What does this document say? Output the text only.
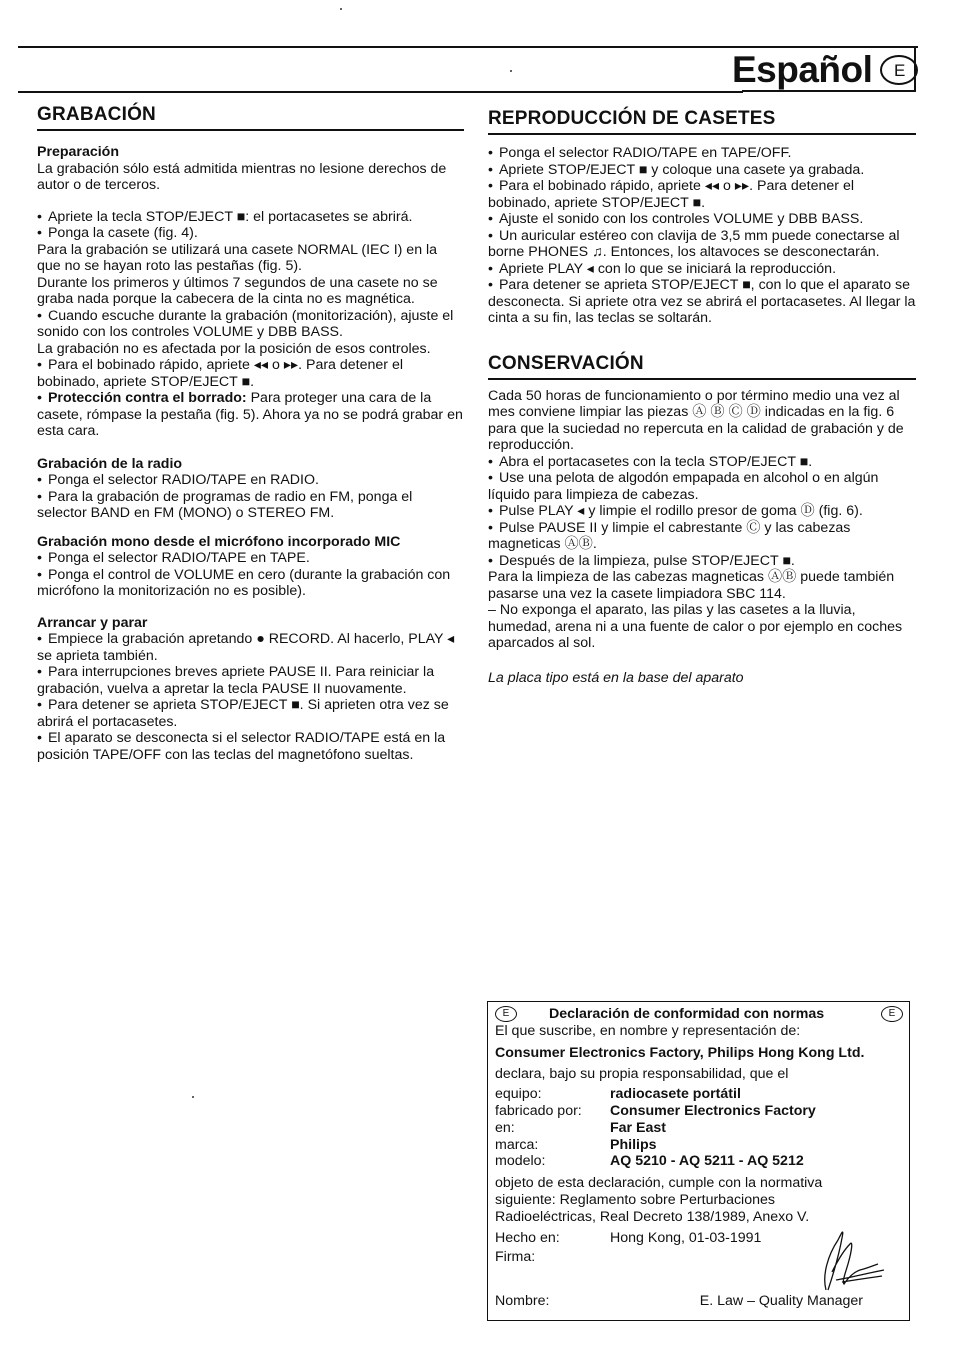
Español	E
GRABACIÓN
Preparación

La grabación sólo está admitida mientras no lesione derechos de autor o de terceros.

• Apriete la tecla STOP/EJECT ■: el portacasetes se abrirá.

• Ponga la casete (fig. 4).

Para la grabación se utilizará una casete NORMAL (IEC I) en la que no se hayan roto las pestañas (fig. 5).

Durante los primeros y últimos 7 segundos de una casete no se graba nada porque la cabecera de la cinta no es magnética.

• Cuando escuche durante la grabación (monitorización), ajuste el sonido con los controles VOLUME y DBB BASS.

La grabación no es afectada por la posición de esos controles.

• Para el bobinado rápido, apriete ◂◂ o ▸▸. Para detener el bobinado, apriete STOP/EJECT ■.

• Protección contra el borrado: Para proteger una cara de la casete, rómpase la pestaña (fig. 5). Ahora ya no se podrá grabar en esta cara.

Grabación de la radio

• Ponga el selector RADIO/TAPE en RADIO.

• Para la grabación de programas de radio en FM, ponga el selector BAND en FM (MONO) o STEREO FM.

Grabación mono desde el micrófono incorporado MIC

• Ponga el selector RADIO/TAPE en TAPE.

• Ponga el control de VOLUME en cero (durante la grabación con micrófono la monitorización no es posible).

Arrancar y parar

• Empiece la grabación apretando ● RECORD. Al hacerlo, PLAY ◂ se aprieta también.

• Para interrupciones breves apriete PAUSE II. Para reiniciar la grabación, vuelva a apretar la tecla PAUSE II nuovamente.

• Para detener se aprieta STOP/EJECT ■. Si aprieten otra vez se abrirá el portacasetes.

• El aparato se desconecta si el selector RADIO/TAPE está en la posición TAPE/OFF con las teclas del magnetófono sueltas.

REPRODUCCIÓN DE CASETES

• Ponga el selector RADIO/TAPE en TAPE/OFF.

• Apriete STOP/EJECT ■ y coloque una casete ya grabada.

• Para el bobinado rápido, apriete ◂◂ o ▸▸. Para detener el bobinado, apriete STOP/EJECT ■.

• Ajuste el sonido con los controles VOLUME y DBB BASS.

• Un auricular estéreo con clavija de 3,5 mm puede conectarse al borne PHONES ♫. Entonces, los altavoces se desconectarán.

• Apriete PLAY ◂ con lo que se iniciará la reproducción.

• Para detener se aprieta STOP/EJECT ■, con lo que el aparato se desconecta. Si apriete otra vez se abrirá el portacasetes. Al llegar la cinta a su fin, las teclas se soltarán.

CONSERVACIÓN

Cada 50 horas de funcionamiento o por término medio una vez al mes conviene limpiar las piezas Ⓐ Ⓑ Ⓒ Ⓓ indicadas en la fig. 6 para que la suciedad no repercuta en la calidad de grabación y de reproducción.

• Abra el portacasetes con la tecla STOP/EJECT ■.

• Use una pelota de algodón empapada en alcohol o en algún líquido para limpieza de cabezas.

• Pulse PLAY ◂ y limpie el rodillo presor de goma Ⓓ (fig. 6).

• Pulse PAUSE II y limpie el cabrestante Ⓒ y las cabezas magneticas ⒶⒷ.

• Después de la limpieza, pulse STOP/EJECT ■.

Para la limpieza de las cabezas magneticas ⒶⒷ puede también pasarse una vez la casete limpiadora SBC 114.

– No exponga el aparato, las pilas y las casetes a la lluvia, humedad, arena ni a una fuente de calor o por ejemplo en coches aparcados al sol.

La placa tipo está en la base del aparato

E	Declaración de conformidad con normas	E
El que suscribe, en nombre y representación de:
Consumer Electronics Factory, Philips Hong Kong Ltd.
declara, bajo su propia responsabilidad, que el
equipo:	radiocasete portátil
fabricado por:	Consumer Electronics Factory
en:	Far East
marca:	Philips
modelo:	AQ 5210 - AQ 5211 - AQ 5212
objeto de esta declaración, cumple con la normativa siguiente: Reglamento sobre Perturbaciones Radioeléctricas, Real Decreto 138/1989, Anexo V.
Hecho en:	Hong Kong, 01-03-1991
Firma:
Nombre:	E. Law – Quality Manager
